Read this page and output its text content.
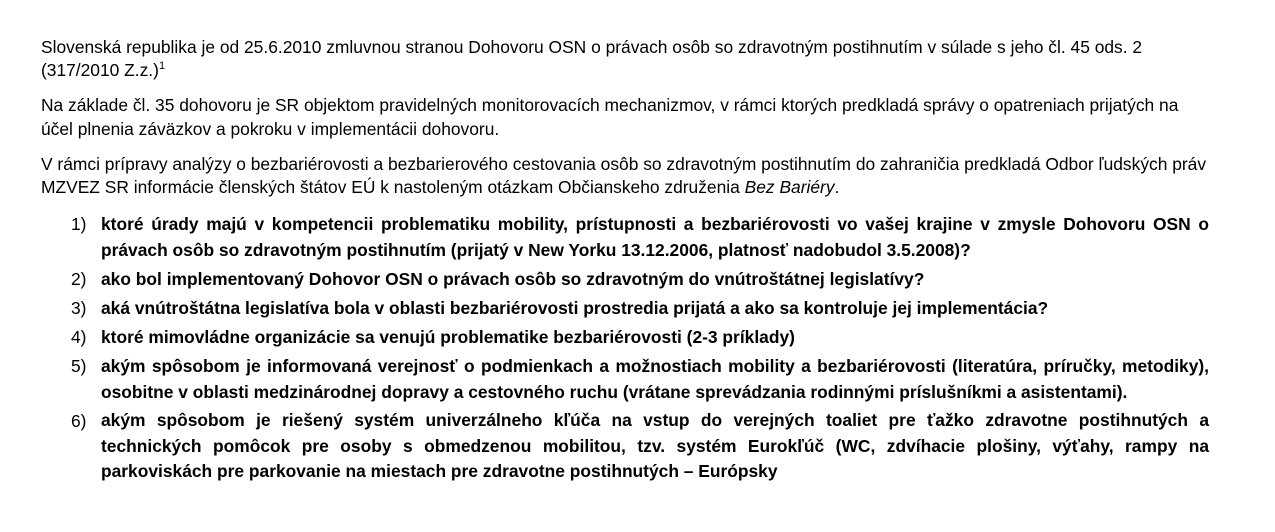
Slovenská republika je od 25.6.2010 zmluvnou stranou Dohovoru OSN o právach osôb so zdravotným postihnutím v súlade s jeho čl. 45 ods. 2 (317/2010 Z.z.)$^1$

Na základe čl. 35 dohovoru je SR objektom pravidelných monitorovacích mechanizmov, v rámci ktorých predkladá správy o opatreniach prijatých na účel plnenia záväzkov a pokroku v implementácii dohovoru.

V rámci prípravy analýzy o bezbariérovosti a bezbarierového cestovania osôb so zdravotným postihnutím do zahraničia predkladá Odbor ľudských práv MZVEZ SR informácie členských štátov EÚ k nastoleným otázkam Občianskeho združenia Bez Bariéry.

1) ktoré úrady majú v kompetencii problematiku mobility, prístupnosti a bezbariérovosti vo vašej krajine v zmysle Dohovoru OSN o právach osôb so zdravotným postihnutím (prijatý v New Yorku 13.12.2006, platnosť nadobudol 3.5.2008)?
2) ako bol implementovaný Dohovor OSN o právach osôb so zdravotným do vnútroštátnej legislatívy?
3) aká vnútroštátna legislatíva bola v oblasti bezbariérovosti prostredia prijatá a ako sa kontroluje jej implementácia?
4) ktoré mimovládne organizácie sa venujú problematike bezbariérovosti (2-3 príklady)
5) akým spôsobom je informovaná verejnosť o podmienkach a možnostiach mobility a bezbariérovosti (literatúra, príručky, metodiky), osobitne v oblasti medzinárodnej dopravy a cestovného ruchu (vrátane sprevádzania rodinnými príslušníkmi a asistentami).
6) akým spôsobom je riešený systém univerzálneho kľúča na vstup do verejných toaliet pre ťažko zdravotne postihnutých a technických pomôcok pre osoby s obmedzenou mobilitou, tzv. systém Eurokľúč (WC, zdvíhacie plošiny, výťahy, rampy na parkoviskách pre parkovanie na miestach pre zdravotne postihnutých – Európsky
